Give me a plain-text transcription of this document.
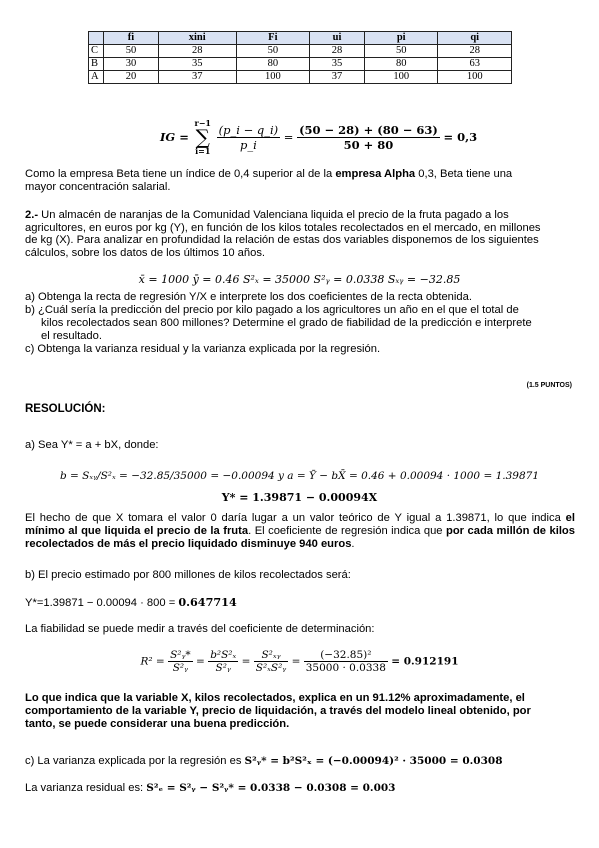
	fi	xini	Fi	ui	pi	qi
C	50	28	50	28	50	28
B	30	35	80	35	80	63
A	20	37	100	37	100	100
IG =
r−1
∑
i=1
$\frac{(p\_i - q\_i)}{p\_i} = \frac{(50 - 28) + (80 - 63)}{50 + 80} = 0,3$
Como la empresa Beta tiene un índice de 0,4 superior al de la empresa Alpha 0,3, Beta tiene una
mayor concentración salarial.
2.- Un almacén de naranjas de la Comunidad Valenciana liquida el precio de la fruta pagado a los
agricultores, en euros por kg (Y), en función de los kilos totales recolectados en el mercado, en millones
de kg (X). Para analizar en profundidad la relación de estas dos variables disponemos de los siguientes
cálculos, sobre los datos de los últimos 10 años.
x̄ = 1000 ȳ = 0.46 S²ₓ = 35000 S²ᵧ = 0.0338 Sₓᵧ = −32.85
a) Obtenga la recta de regresión Y/X e interprete los dos coeficientes de la recta obtenida.
b) ¿Cuál sería la predicción del precio por kilo pagado a los agricultores un año en el que el total de
kilos recolectados sean 800 millones? Determine el grado de fiabilidad de la predicción e interprete
el resultado.
c) Obtenga la varianza residual y la varianza explicada por la regresión.
(1.5 PUNTOS)
RESOLUCIÓN:
a) Sea Y* = a + bX, donde:
b = Sₓᵧ/S²ₓ = −32.85/35000 = −0.00094 y a = Ȳ − bX̄ = 0.46 + 0.00094 · 1000 = 1.39871
Y* = 1.39871 − 0.00094X
El hecho de que X tomara el valor 0 daría lugar a un valor teórico de Y igual a 1.39871, lo que indica el mínimo al que liquida el precio de la fruta. El coeficiente de regresión indica que por cada millón de kilos recolectados de más el precio liquidado disminuye 940 euros.
b) El precio estimado por 800 millones de kilos recolectados será:
Y*=1.39871 − 0.00094 · 800 = 0.647714
La fiabilidad se puede medir a través del coeficiente de determinación:
$R^2 = \frac{\text{S²ᵧ*}}{\text{S²ᵧ}} = \frac{\text{b²S²ₓ}}{\text{S²ᵧ}} = \frac{\text{S²ₓᵧ}}{\text{S²ₓS²ᵧ}} = \frac{\text{(−32.85)²}}{35000 \cdot 0.0338} = 0.912191$
Lo que indica que la variable X, kilos recolectados, explica en un 91.12% aproximadamente, el
comportamiento de la variable Y, precio de liquidación, a través del modelo lineal obtenido, por
tanto, se puede considerar una buena predicción.
c) La varianza explicada por la regresión es S²ᵧ* = b²S²ₓ = (−0.00094)² · 35000 = 0.0308
La varianza residual es: S²ₑ = S²ᵧ − S²ᵧ* = 0.0338 − 0.0308 = 0.003
